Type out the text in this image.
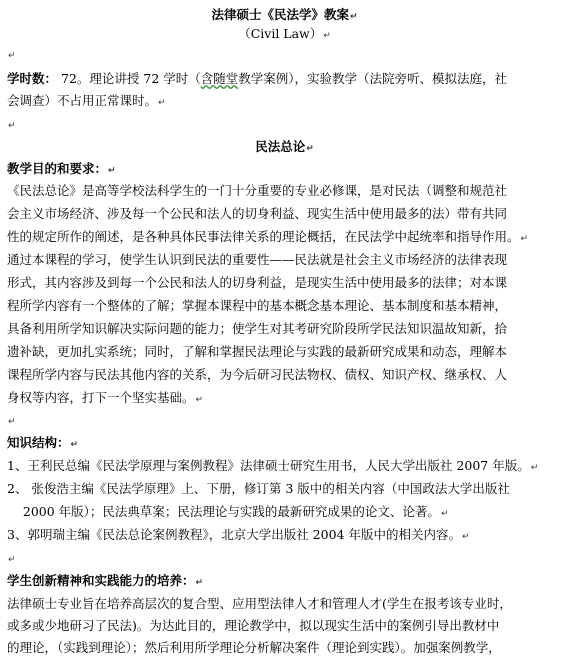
法律硕士《民法学》教案↵
（Civil Law）↵
↵
学时数： 72。理论讲授 72 学时（含随堂教学案例），实验教学（法院旁听、模拟法庭，社
会调查）不占用正常课时。↵
↵
民法总论↵
教学目的和要求：↵
《民法总论》是高等学校法科学生的一门十分重要的专业必修课，是对民法（调整和规范社
会主义市场经济、涉及每一个公民和法人的切身利益、现实生活中使用最多的法）带有共同
性的规定所作的阐述，是各种具体民事法律关系的理论概括，在民法学中起统率和指导作用。↵
通过本课程的学习，使学生认识到民法的重要性——民法就是社会主义市场经济的法律表现
形式，其内容涉及到每一个公民和法人的切身利益，是现实生活中使用最多的法律；对本课
程所学内容有一个整体的了解；掌握本课程中的基本概念基本理论、基本制度和基本精神，
具备利用所学知识解决实际问题的能力；使学生对其考研究阶段所学民法知识温故知新，拾
遗补缺，更加扎实系统；同时，了解和掌握民法理论与实践的最新研究成果和动态，理解本
课程所学内容与民法其他内容的关系，为今后研习民法物权、债权、知识产权、继承权、人
身权等内容，打下一个坚实基础。↵
↵
知识结构：↵
1、王利民总编《民法学原理与案例教程》法律硕士研究生用书，人民大学出版社 2007 年版。↵
2、 张俊浩主编《民法学原理》上、下册，修订第 3 版中的相关内容（中国政法大学出版社
2000 年版）；民法典草案；民法理论与实践的最新研究成果的论文、论著。↵
3、郭明瑞主编《民法总论案例教程》，北京大学出版社 2004 年版中的相关内容。↵
↵
学生创新精神和实践能力的培养：↵
法律硕士专业旨在培养高层次的复合型、应用型法律人才和管理人才(学生在报考该专业时，
或多或少地研习了民法)。为达此目的，理论教学中，拟以现实生活中的案例引导出教材中
的理论，（实践到理论）；然后利用所学理论分析解决案件（理论到实践）。加强案例教学，
